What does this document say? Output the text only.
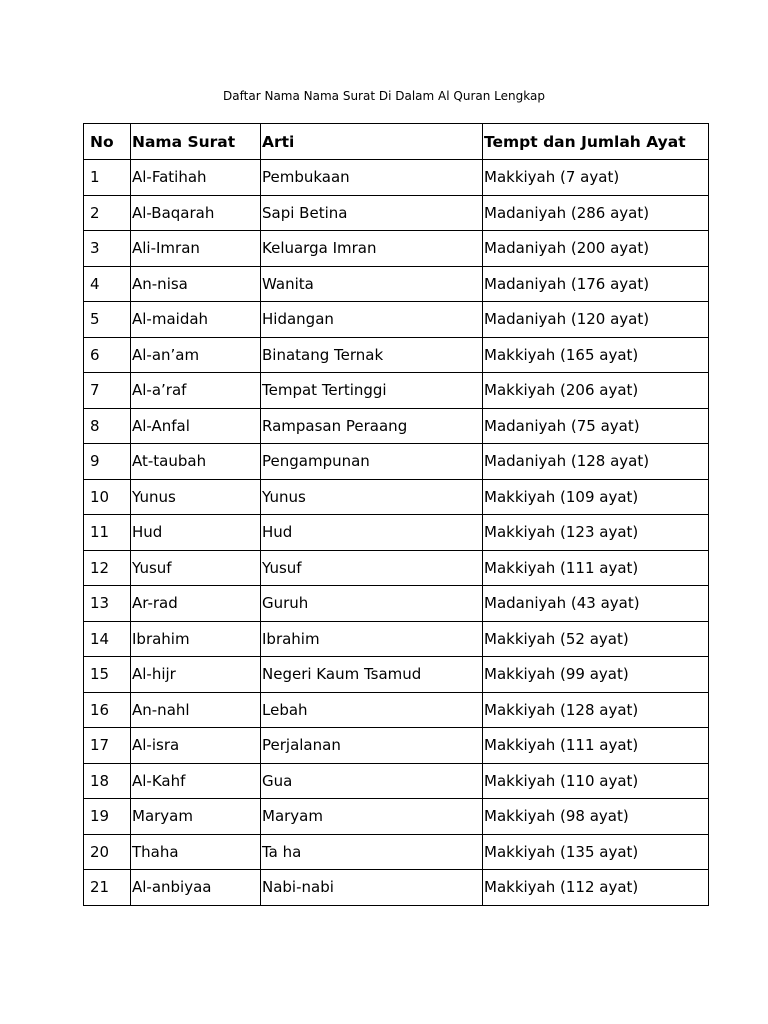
Daftar Nama Nama Surat Di Dalam Al Quran Lengkap
No	Nama Surat	Arti	Tempt dan Jumlah Ayat
1	Al-Fatihah	Pembukaan	Makkiyah (7 ayat)
2	Al-Baqarah	Sapi Betina	Madaniyah (286 ayat)
3	Ali-Imran	Keluarga Imran	Madaniyah (200 ayat)
4	An-nisa	Wanita	Madaniyah (176 ayat)
5	Al-maidah	Hidangan	Madaniyah (120 ayat)
6	Al-an’am	Binatang Ternak	Makkiyah (165 ayat)
7	Al-a’raf	Tempat Tertinggi	Makkiyah (206 ayat)
8	Al-Anfal	Rampasan Peraang	Madaniyah (75 ayat)
9	At-taubah	Pengampunan	Madaniyah (128 ayat)
10	Yunus	Yunus	Makkiyah (109 ayat)
11	Hud	Hud	Makkiyah (123 ayat)
12	Yusuf	Yusuf	Makkiyah (111 ayat)
13	Ar-rad	Guruh	Madaniyah (43 ayat)
14	Ibrahim	Ibrahim	Makkiyah (52 ayat)
15	Al-hijr	Negeri Kaum Tsamud	Makkiyah (99 ayat)
16	An-nahl	Lebah	Makkiyah (128 ayat)
17	Al-isra	Perjalanan	Makkiyah (111 ayat)
18	Al-Kahf	Gua	Makkiyah (110 ayat)
19	Maryam	Maryam	Makkiyah (98 ayat)
20	Thaha	Ta ha	Makkiyah (135 ayat)
21	Al-anbiyaa	Nabi-nabi	Makkiyah (112 ayat)
